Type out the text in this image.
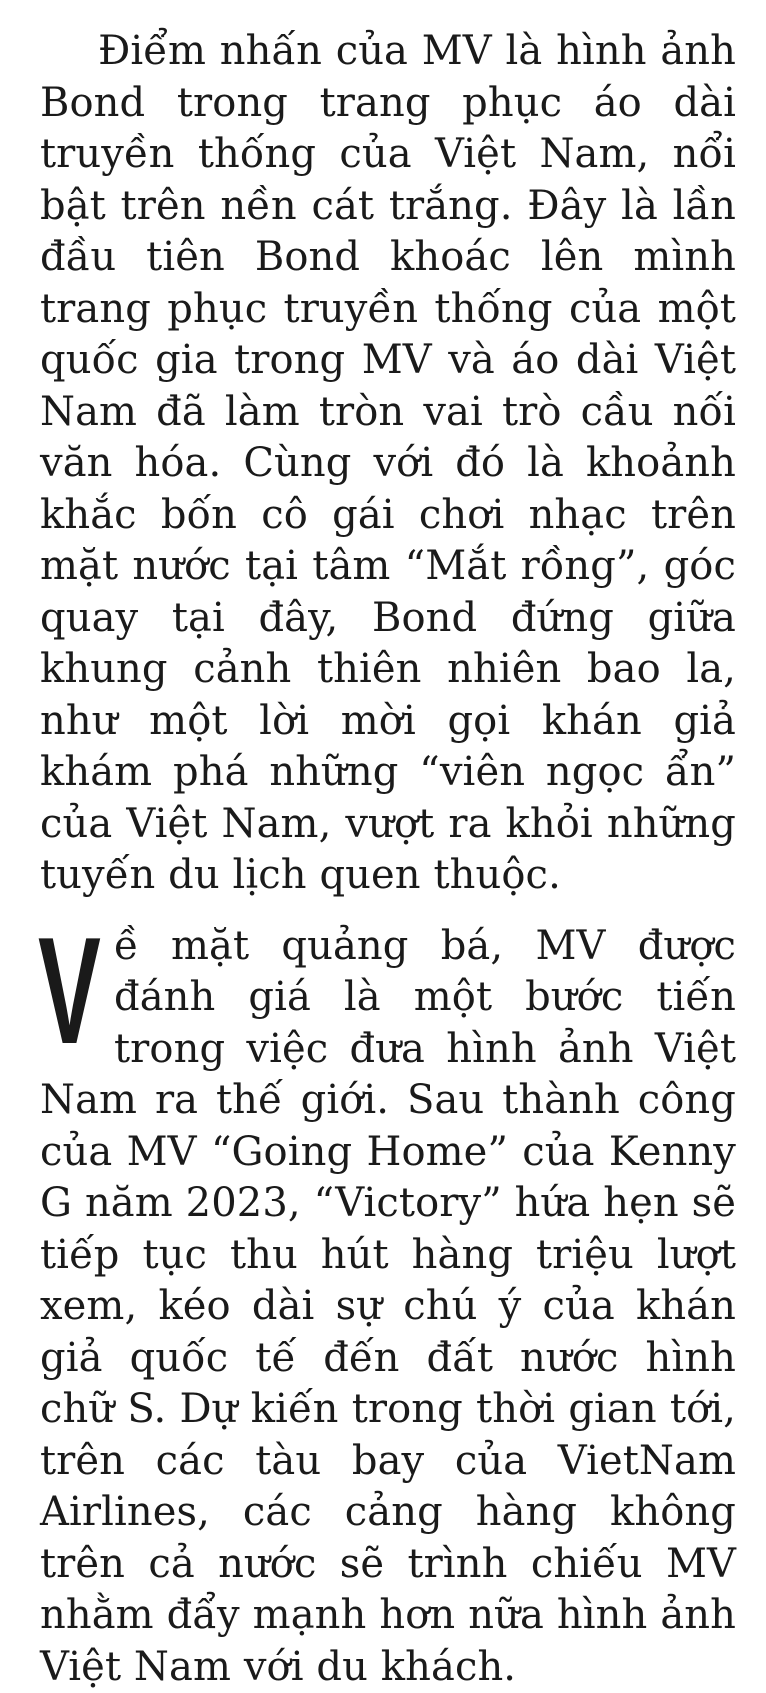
Điểm nhấn của MV là hình ảnh Bond trong trang phục áo dài truyền thống của Việt Nam, nổi bật trên nền cát trắng. Đây là lần đầu tiên Bond khoác lên mình trang phục truyền thống của một quốc gia trong MV và áo dài Việt Nam đã làm tròn vai trò cầu nối văn hóa. Cùng với đó là khoảnh khắc bốn cô gái chơi nhạc trên mặt nước tại tâm “Mắt rồng”, góc quay tại đây, Bond đứng giữa khung cảnh thiên nhiên bao la, như một lời mời gọi khán giả khám phá những “viên ngọc ẩn” của Việt Nam, vượt ra khỏi những tuyến du lịch quen thuộc.

Về mặt quảng bá, MV được đánh giá là một bước tiến trong việc đưa hình ảnh Việt Nam ra thế giới. Sau thành công của MV “Going Home” của Kenny G năm 2023, “Victory” hứa hẹn sẽ tiếp tục thu hút hàng triệu lượt xem, kéo dài sự chú ý của khán giả quốc tế đến đất nước hình chữ S. Dự kiến trong thời gian tới, trên các tàu bay của VietNam Airlines, các cảng hàng không trên cả nước sẽ trình chiếu MV nhằm đẩy mạnh hơn nữa hình ảnh Việt Nam với du khách.
